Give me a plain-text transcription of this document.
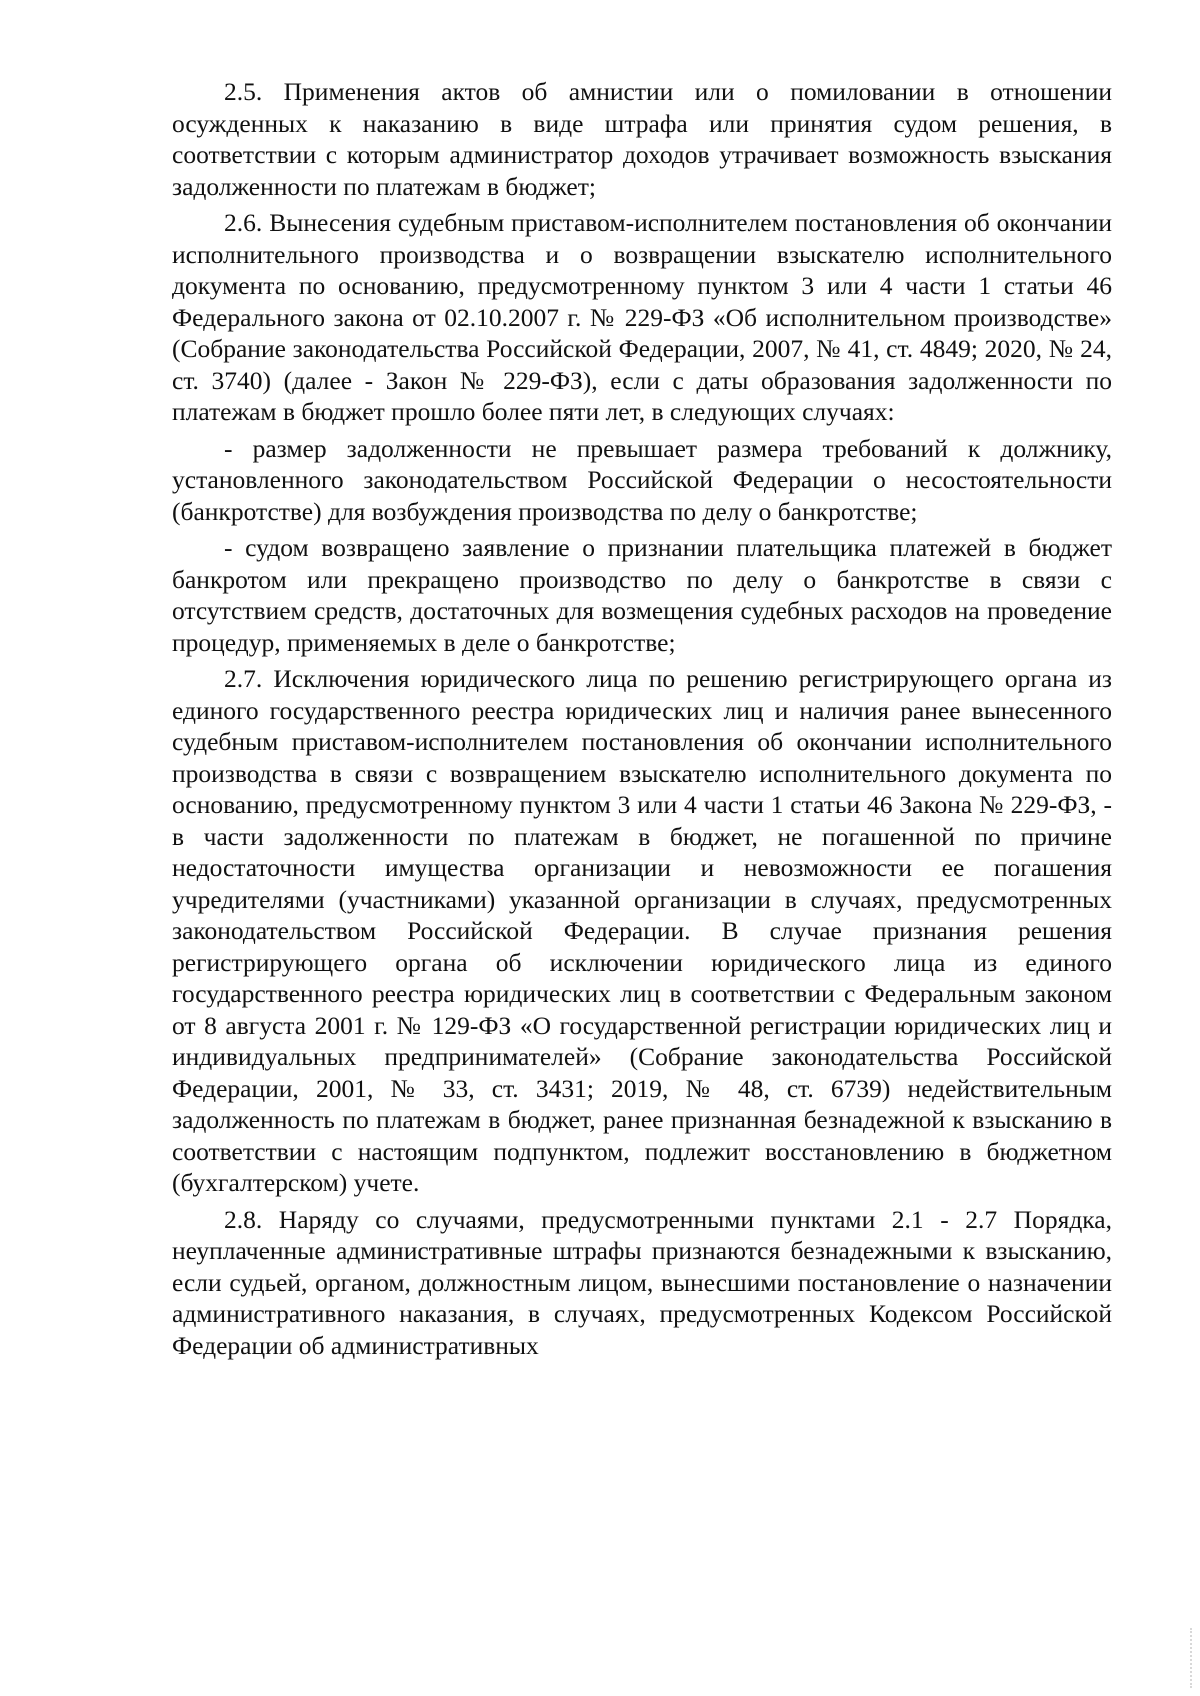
2.5. Применения актов об амнистии или о помиловании в отношении осужденных к наказанию в виде штрафа или принятия судом решения, в соответствии с которым администратор доходов утрачивает возможность взыскания задолженности по платежам в бюджет;

2.6. Вынесения судебным приставом-исполнителем постановления об окончании исполнительного производства и о возвращении взыскателю исполнительного документа по основанию, предусмотренному пунктом 3 или 4 части 1 статьи 46 Федерального закона от 02.10.2007 г. № 229-ФЗ «Об исполнительном производстве» (Собрание законодательства Российской Федерации, 2007, № 41, ст. 4849; 2020, № 24, ст. 3740) (далее - Закон № 229-ФЗ), если с даты образования задолженности по платежам в бюджет прошло более пяти лет, в следующих случаях:

- размер задолженности не превышает размера требований к должнику, установленного законодательством Российской Федерации о несостоятельности (банкротстве) для возбуждения производства по делу о банкротстве;

- судом возвращено заявление о признании плательщика платежей в бюджет банкротом или прекращено производство по делу о банкротстве в связи с отсутствием средств, достаточных для возмещения судебных расходов на проведение процедур, применяемых в деле о банкротстве;

2.7. Исключения юридического лица по решению регистрирующего органа из единого государственного реестра юридических лиц и наличия ранее вынесенного судебным приставом-исполнителем постановления об окончании исполнительного производства в связи с возвращением взыскателю исполнительного документа по основанию, предусмотренному пунктом 3 или 4 части 1 статьи 46 Закона № 229-ФЗ, - в части задолженности по платежам в бюджет, не погашенной по причине недостаточности имущества организации и невозможности ее погашения учредителями (участниками) указанной организации в случаях, предусмотренных законодательством Российской Федерации. В случае признания решения регистрирующего органа об исключении юридического лица из единого государственного реестра юридических лиц в соответствии с Федеральным законом от 8 августа 2001 г. № 129-ФЗ «О государственной регистрации юридических лиц и индивидуальных предпринимателей» (Собрание законодательства Российской Федерации, 2001, № 33, ст. 3431; 2019, № 48, ст. 6739) недействительным задолженность по платежам в бюджет, ранее признанная безнадежной к взысканию в соответствии с настоящим подпунктом, подлежит восстановлению в бюджетном (бухгалтерском) учете.

2.8. Наряду со случаями, предусмотренными пунктами 2.1 - 2.7 Порядка, неуплаченные административные штрафы признаются безнадежными к взысканию, если судьей, органом, должностным лицом, вынесшими постановление о назначении административного наказания, в случаях, предусмотренных Кодексом Российской Федерации об административных
